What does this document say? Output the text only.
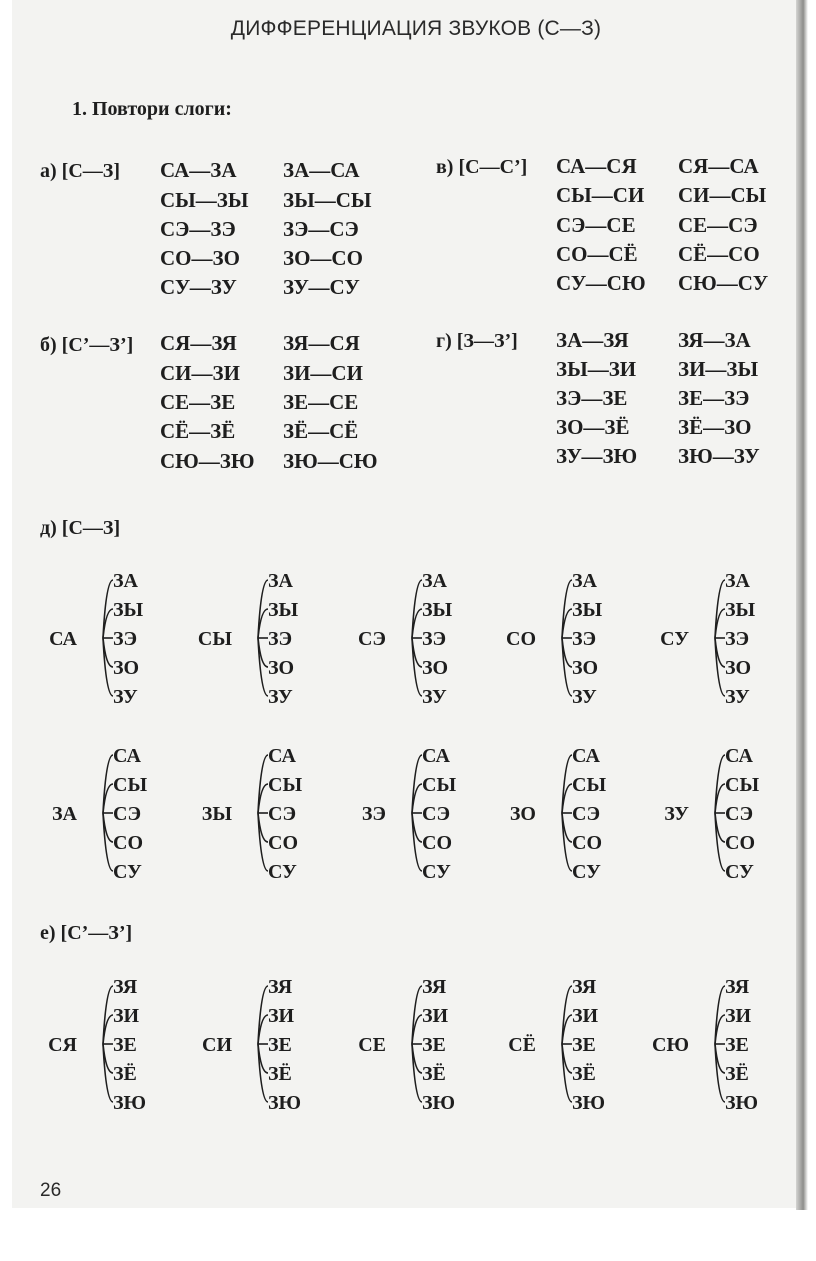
ДИФФЕРЕНЦИАЦИЯ ЗВУКОВ (С—З)
1. Повтори слоги:
а) [С—З] СА—ЗА
СЫ—ЗЫ
СЭ—ЗЭ
СО—ЗО
СУ—ЗУ
ЗА—СА
ЗЫ—СЫ
ЗЭ—СЭ
ЗО—СО
ЗУ—СУ
в) [С—С’] СА—СЯ
СЫ—СИ
СЭ—СЕ
СО—СЁ
СУ—СЮ
СЯ—СА
СИ—СЫ
СЕ—СЭ
СЁ—СО
СЮ—СУ
б) [С’—З’] СЯ—ЗЯ
СИ—ЗИ
СЕ—ЗЕ
СЁ—ЗЁ
СЮ—ЗЮ
ЗЯ—СЯ
ЗИ—СИ
ЗЕ—СЕ
ЗЁ—СЁ
ЗЮ—СЮ
г) [З—З’] ЗА—ЗЯ
ЗЫ—ЗИ
ЗЭ—ЗЕ
ЗО—ЗЁ
ЗУ—ЗЮ
ЗЯ—ЗА
ЗИ—ЗЫ
ЗЕ—ЗЭ
ЗЁ—ЗО
ЗЮ—ЗУ
д) [С—З]
е) [С’—З’]
СА
ЗА
ЗЫ
ЗЭ
ЗО
ЗУ
СЫ
ЗА
ЗЫ
ЗЭ
ЗО
ЗУ
СЭ
ЗА
ЗЫ
ЗЭ
ЗО
ЗУ
СО
ЗА
ЗЫ
ЗЭ
ЗО
ЗУ
СУ
ЗА
ЗЫ
ЗЭ
ЗО
ЗУ
ЗА
СА
СЫ
СЭ
СО
СУ
ЗЫ
СА
СЫ
СЭ
СО
СУ
ЗЭ
СА
СЫ
СЭ
СО
СУ
ЗО
СА
СЫ
СЭ
СО
СУ
ЗУ
СА
СЫ
СЭ
СО
СУ
СЯ
ЗЯ
ЗИ
ЗЕ
ЗЁ
ЗЮ
СИ
ЗЯ
ЗИ
ЗЕ
ЗЁ
ЗЮ
СЕ
ЗЯ
ЗИ
ЗЕ
ЗЁ
ЗЮ
СЁ
ЗЯ
ЗИ
ЗЕ
ЗЁ
ЗЮ
СЮ
ЗЯ
ЗИ
ЗЕ
ЗЁ
ЗЮ
26
